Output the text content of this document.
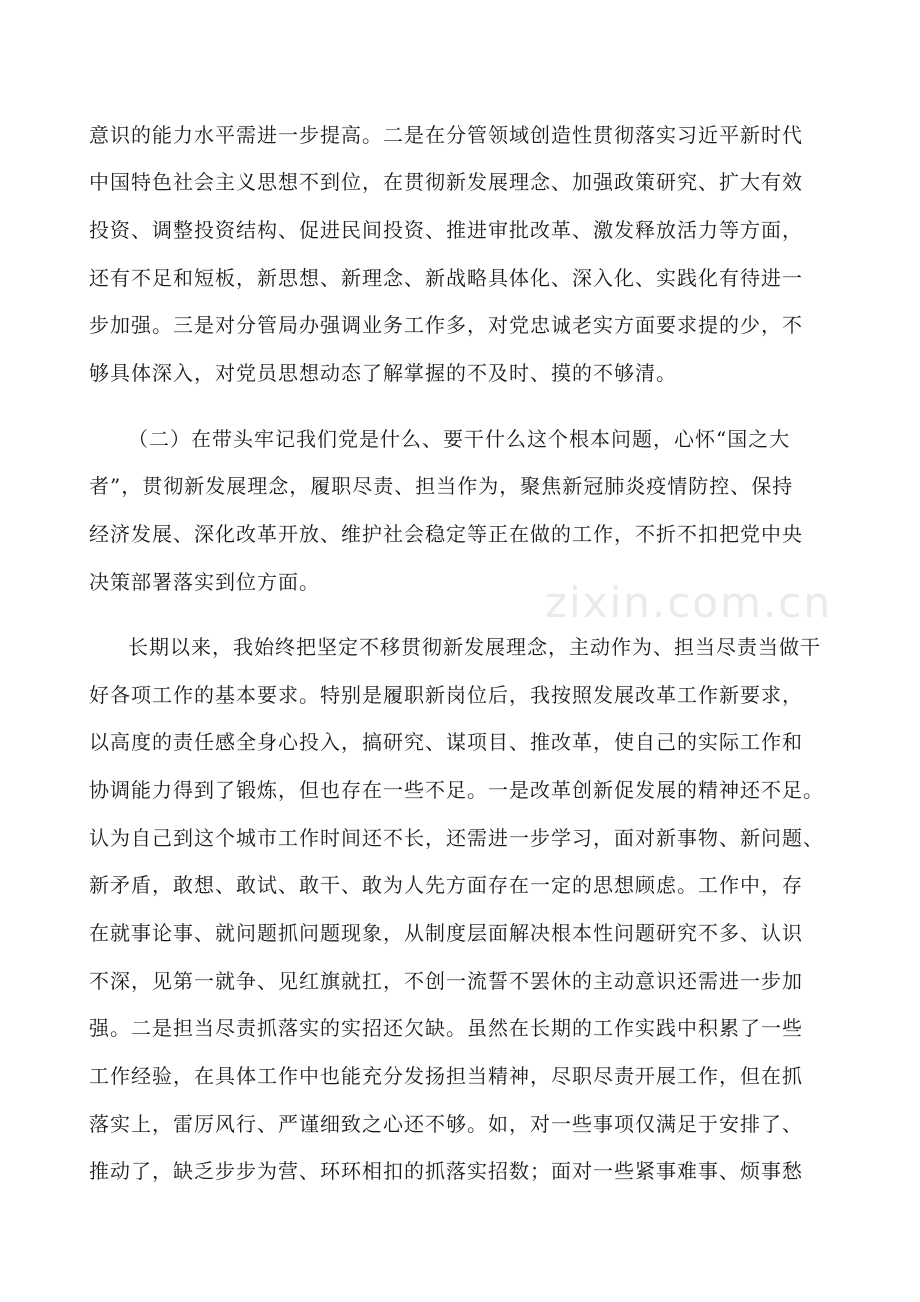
意识的能力水平需进一步提高。二是在分管领域创造性贯彻落实习近平新时代
中国特色社会主义思想不到位，在贯彻新发展理念、加强政策研究、扩大有效
投资、调整投资结构、促进民间投资、推进审批改革、激发释放活力等方面，
还有不足和短板，新思想、新理念、新战略具体化、深入化、实践化有待进一
步加强。三是对分管局办强调业务工作多，对党忠诚老实方面要求提的少，不
够具体深入，对党员思想动态了解掌握的不及时、摸的不够清。
（二）在带头牢记我们党是什么、要干什么这个根本问题，心怀“国之大
者”，贯彻新发展理念，履职尽责、担当作为，聚焦新冠肺炎疫情防控、保持
经济发展、深化改革开放、维护社会稳定等正在做的工作，不折不扣把党中央
决策部署落实到位方面。
长期以来，我始终把坚定不移贯彻新发展理念，主动作为、担当尽责当做干
好各项工作的基本要求。特别是履职新岗位后，我按照发展改革工作新要求，
以高度的责任感全身心投入，搞研究、谋项目、推改革，使自己的实际工作和
协调能力得到了锻炼，但也存在一些不足。一是改革创新促发展的精神还不足。
认为自己到这个城市工作时间还不长，还需进一步学习，面对新事物、新问题、
新矛盾，敢想、敢试、敢干、敢为人先方面存在一定的思想顾虑。工作中，存
在就事论事、就问题抓问题现象，从制度层面解决根本性问题研究不多、认识
不深，见第一就争、见红旗就扛，不创一流誓不罢休的主动意识还需进一步加
强。二是担当尽责抓落实的实招还欠缺。虽然在长期的工作实践中积累了一些
工作经验，在具体工作中也能充分发扬担当精神，尽职尽责开展工作，但在抓
落实上，雷厉风行、严谨细致之心还不够。如，对一些事项仅满足于安排了、
推动了，缺乏步步为营、环环相扣的抓落实招数；面对一些紧事难事、烦事愁
zixin.com.cn
